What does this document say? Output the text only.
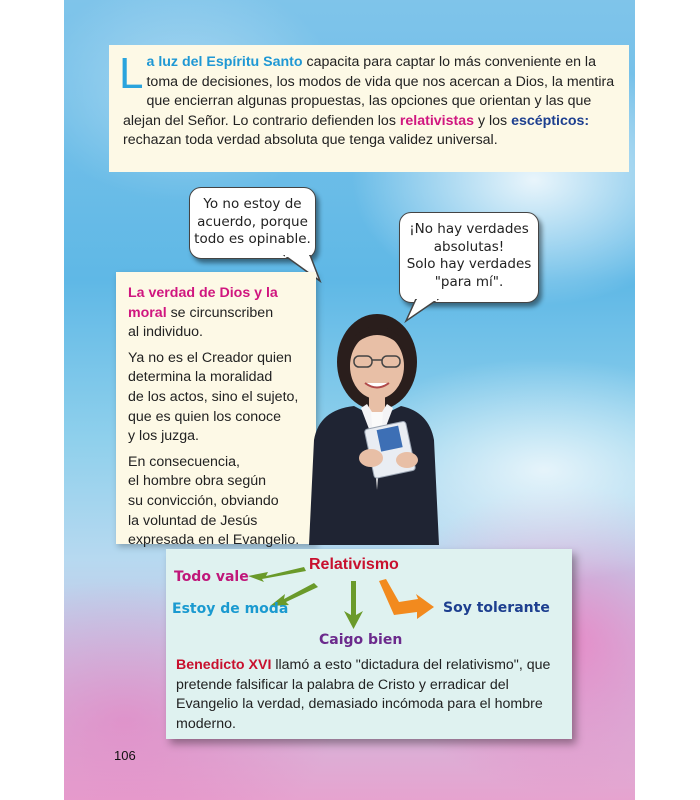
La luz del Espíritu Santo capacita para captar lo más conveniente en la toma de decisiones, los modos de vida que nos acercan a Dios, la mentira que encierran algunas propuestas, las opciones que orientan y las que alejan del Señor. Lo contrario defienden los relativistas y los escépticos: rechazan toda verdad absoluta que tenga validez universal.
Yo no estoy de
acuerdo, porque
todo es opinable.
¡No hay verdades
absolutas!
Solo hay verdades
"para mí".

La verdad de Dios y la moral se circunscriben
al individuo.

Ya no es el Creador quien
determina la moralidad
de los actos, sino el sujeto,
que es quien los conoce
y los juzga.

En consecuencia,
el hombre obra según
su convicción, obviando
la voluntad de Jesús
expresada en el Evangelio.

Relativismo
Todo vale
Estoy de moda
Caigo bien
Soy tolerante
Benedicto XVI llamó a esto "dictadura del relativismo", que pretende falsificar la palabra de Cristo y erradicar del Evangelio la verdad, demasiado incómoda para el hombre moderno.
106
